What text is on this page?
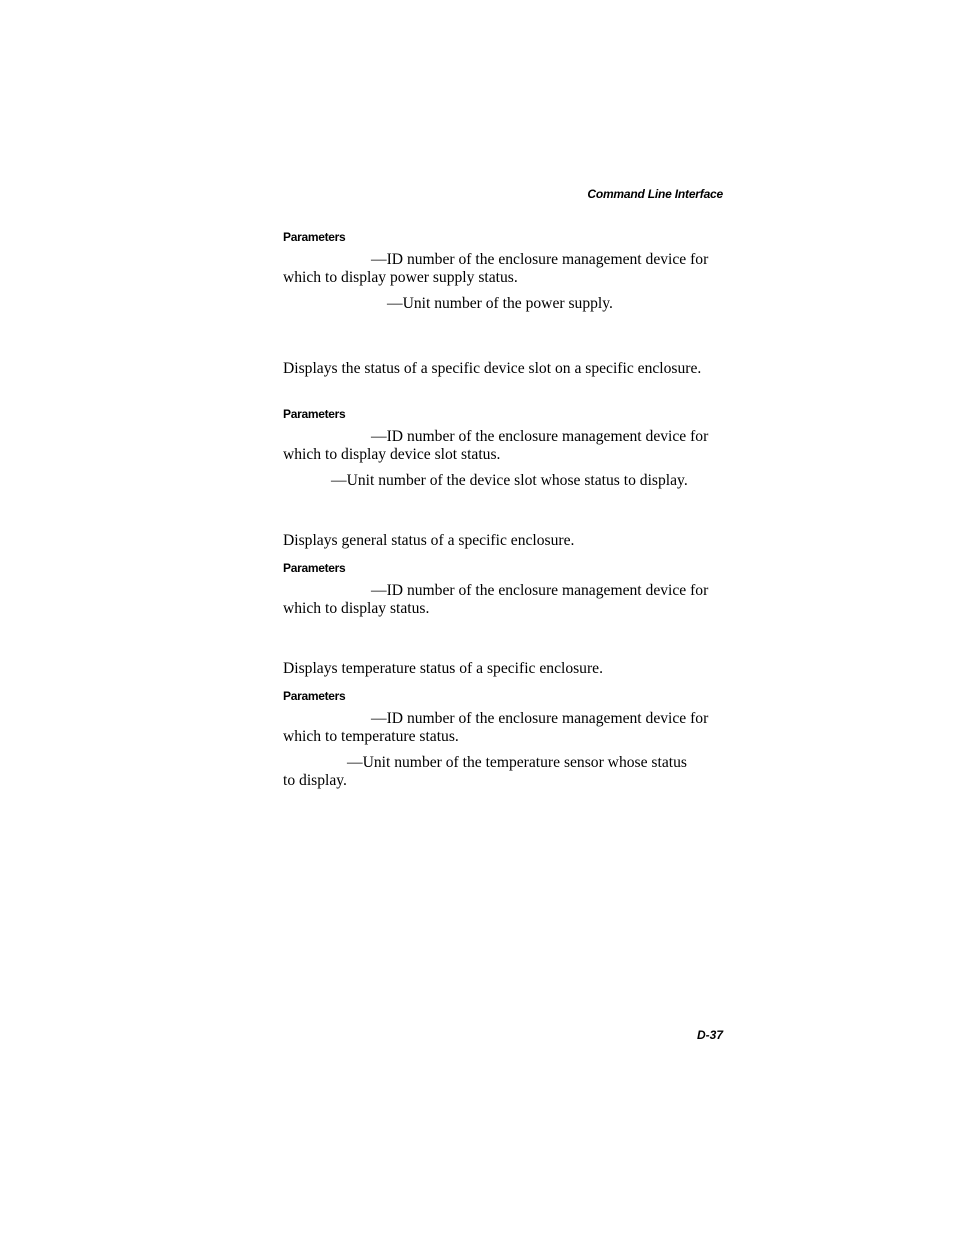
Command Line Interface
Parameters
—ID number of the enclosure management device for which to display power supply status.
—Unit number of the power supply.
Displays the status of a specific device slot on a specific enclosure.
Parameters
—ID number of the enclosure management device for which to display device slot status.
—Unit number of the device slot whose status to display.
Displays general status of a specific enclosure.
Parameters
—ID number of the enclosure management device for which to display status.
Displays temperature status of a specific enclosure.
Parameters
—ID number of the enclosure management device for which to temperature status.
—Unit number of the temperature sensor whose status to display.
D-37
